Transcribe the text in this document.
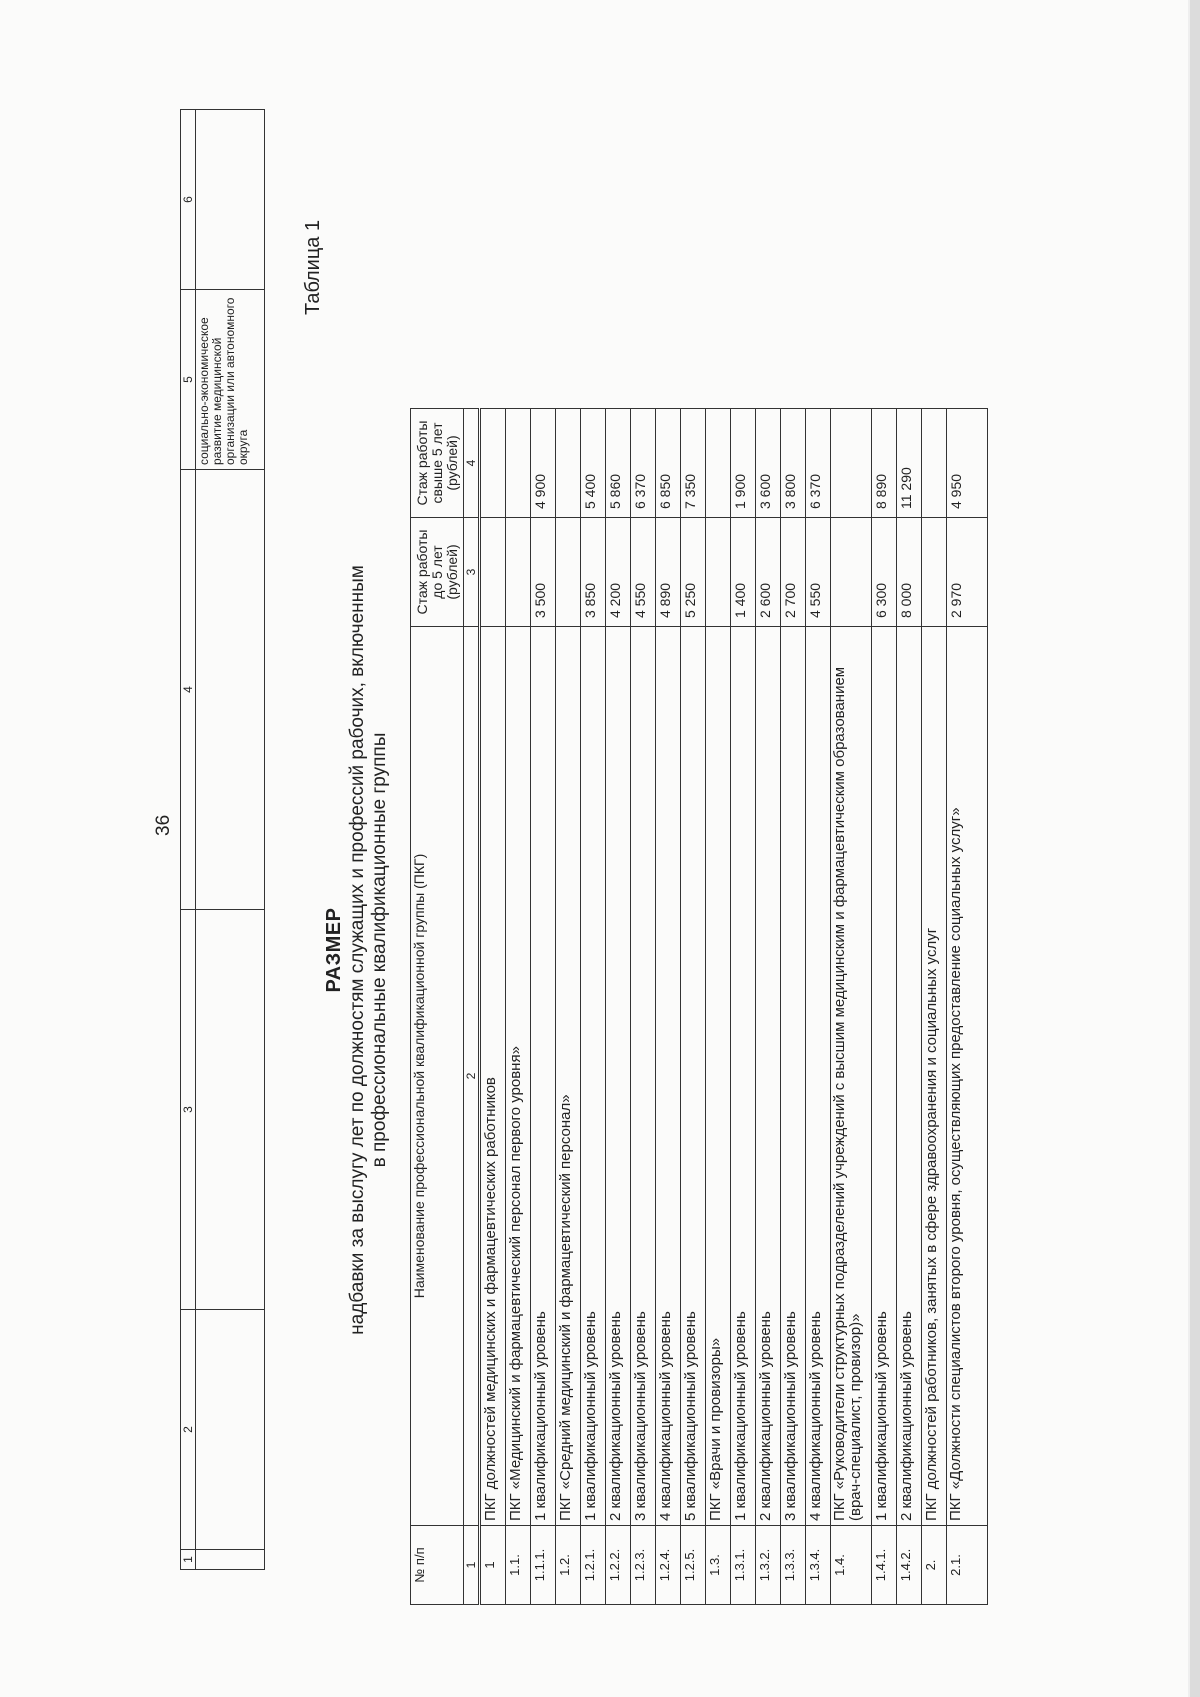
36
1	2	3	4	5	6
				социально-экономическое развитие медицинской организации или автономного округа	
Таблица 1
РАЗМЕР надбавки за выслугу лет по должностям служащих и профессий рабочих, включенным в профессиональные квалификационные группы
№ п/п	Наименование профессиональной квалификационной группы (ПКГ)	Стаж работы до 5 лет (рублей)	Стаж работы свыше 5 лет (рублей)
1	2	3	4
1	ПКГ должностей медицинских и фармацевтических работников		
1.1.	ПКГ «Медицинский и фармацевтический персонал первого уровня»		
1.1.1.	1 квалификационный уровень	3 500	4 900
1.2.	ПКГ «Средний медицинский и фармацевтический персонал»		
1.2.1.	1 квалификационный уровень	3 850	5 400
1.2.2.	2 квалификационный уровень	4 200	5 860
1.2.3.	3 квалификационный уровень	4 550	6 370
1.2.4.	4 квалификационный уровень	4 890	6 850
1.2.5.	5 квалификационный уровень	5 250	7 350
1.3.	ПКГ «Врачи и провизоры»		
1.3.1.	1 квалификационный уровень	1 400	1 900
1.3.2.	2 квалификационный уровень	2 600	3 600
1.3.3.	3 квалификационный уровень	2 700	3 800
1.3.4.	4 квалификационный уровень	4 550	6 370
1.4.	ПКГ «Руководители структурных подразделений учреждений с высшим медицинским и фармацевтическим образованием (врач-специалист, провизор)»		
1.4.1.	1 квалификационный уровень	6 300	8 890
1.4.2.	2 квалификационный уровень	8 000	11 290
2.	ПКГ должностей работников, занятых в сфере здравоохранения и социальных услуг		
2.1.	ПКГ «Должности специалистов второго уровня, осуществляющих предоставление социальных услуг»	2 970	4 950
